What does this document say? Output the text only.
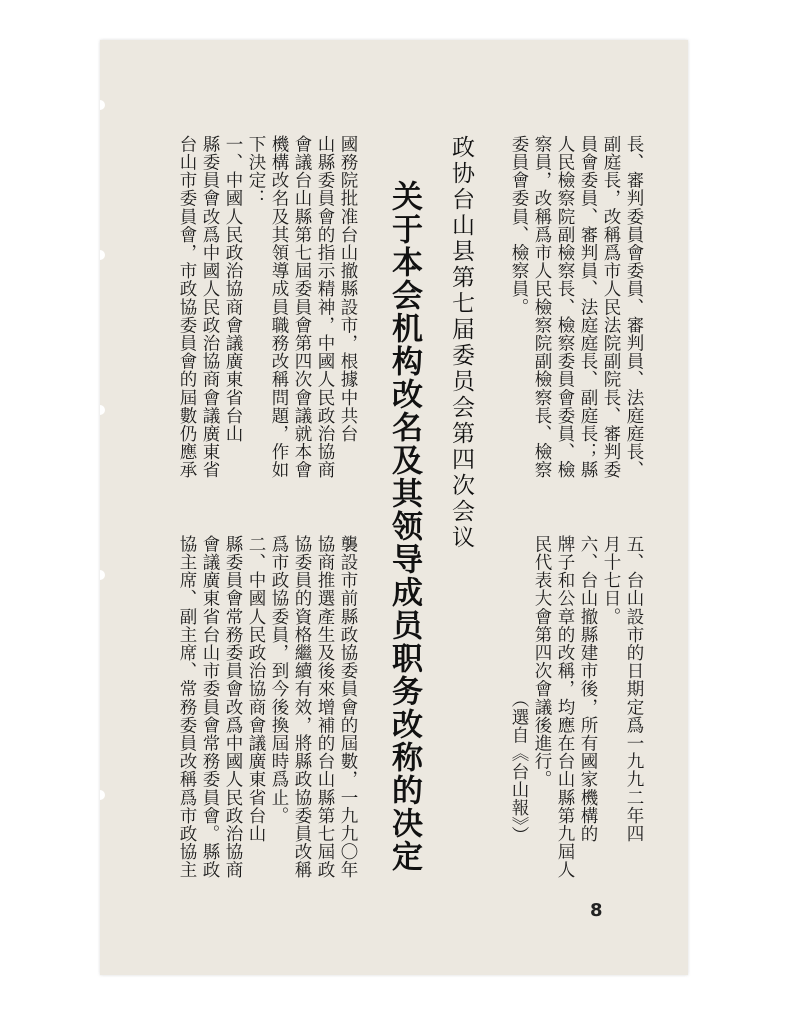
長、審判委員會委員、審判員、法庭庭長、
副庭長，改稱爲市人民法院副院長、審判委
員會委員、審判員、法庭庭長、副庭長；縣
人民檢察院副檢察長、檢察委員會委員、檢
察員，改稱爲市人民檢察院副檢察長、檢察
委員會委員、檢察員。
政协台山县第七届委员会第四次会议
关于本会机构改名及其领导成员职务改称的决定
國務院批准台山撤縣設市，根據中共台
山縣委員會的指示精神，中國人民政治協商
會議台山縣第七屆委員會第四次會議就本會
機構改名及其領導成員職務改稱問題，作如
下決定：
一、中國人民政治協商會議廣東省台山
縣委員會改爲中國人民政治協商會議廣東省
台山市委員會，市政協委員會的屆數仍應承
五、台山設市的日期定爲一九九二年四
月十七日。
六、台山撤縣建市後，所有國家機構的
牌子和公章的改稱，均應在台山縣第九屆人
民代表大會第四次會議後進行。
（選自《台山報》）
襲設市前縣政協委員會的屆數，一九九〇年
協商推選產生及後來增補的台山縣第七屆政
協委員的資格繼續有效，將縣政協委員改稱
爲市政協委員，到今後換屆時爲止。
二、中國人民政治協商會議廣東省台山
縣委員會常務委員會改爲中國人民政治協商
會議廣東省台山市委員會常務委員會。縣政
協主席、副主席、常務委員改稱爲市政協主
8
